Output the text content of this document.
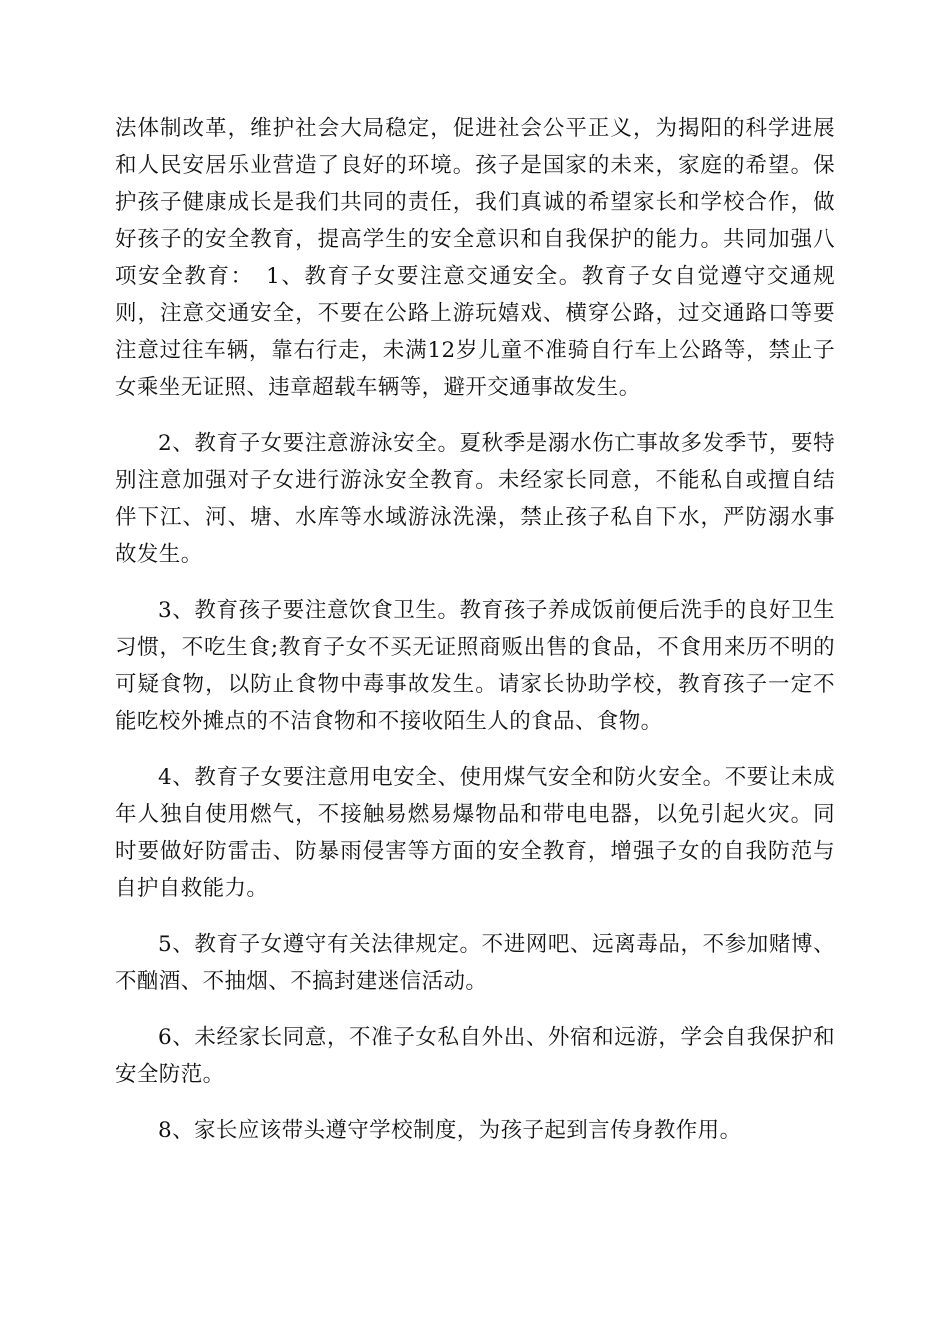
法体制改革，维护社会大局稳定，促进社会公平正义，为揭阳的科学进展和人民安居乐业营造了良好的环境。孩子是国家的未来，家庭的希望。保护孩子健康成长是我们共同的责任，我们真诚的希望家长和学校合作，做好孩子的安全教育，提高学生的安全意识和自我保护的能力。共同加强八项安全教育：　1、教育子女要注意交通安全。教育子女自觉遵守交通规则，注意交通安全，不要在公路上游玩嬉戏、横穿公路，过交通路口等要注意过往车辆，靠右行走，未满12岁儿童不准骑自行车上公路等，禁止子女乘坐无证照、违章超载车辆等，避开交通事故发生。

2、教育子女要注意游泳安全。夏秋季是溺水伤亡事故多发季节，要特别注意加强对子女进行游泳安全教育。未经家长同意，不能私自或擅自结伴下江、河、塘、水库等水域游泳洗澡，禁止孩子私自下水，严防溺水事故发生。

3、教育孩子要注意饮食卫生。教育孩子养成饭前便后洗手的良好卫生习惯，不吃生食;教育子女不买无证照商贩出售的食品，不食用来历不明的可疑食物，以防止食物中毒事故发生。请家长协助学校，教育孩子一定不能吃校外摊点的不洁食物和不接收陌生人的食品、食物。

4、教育子女要注意用电安全、使用煤气安全和防火安全。不要让未成年人独自使用燃气，不接触易燃易爆物品和带电电器，以免引起火灾。同时要做好防雷击、防暴雨侵害等方面的安全教育，增强子女的自我防范与自护自救能力。

5、教育子女遵守有关法律规定。不进网吧、远离毒品，不参加赌博、不酗酒、不抽烟、不搞封建迷信活动。

6、未经家长同意，不准子女私自外出、外宿和远游，学会自我保护和安全防范。

8、家长应该带头遵守学校制度，为孩子起到言传身教作用。
